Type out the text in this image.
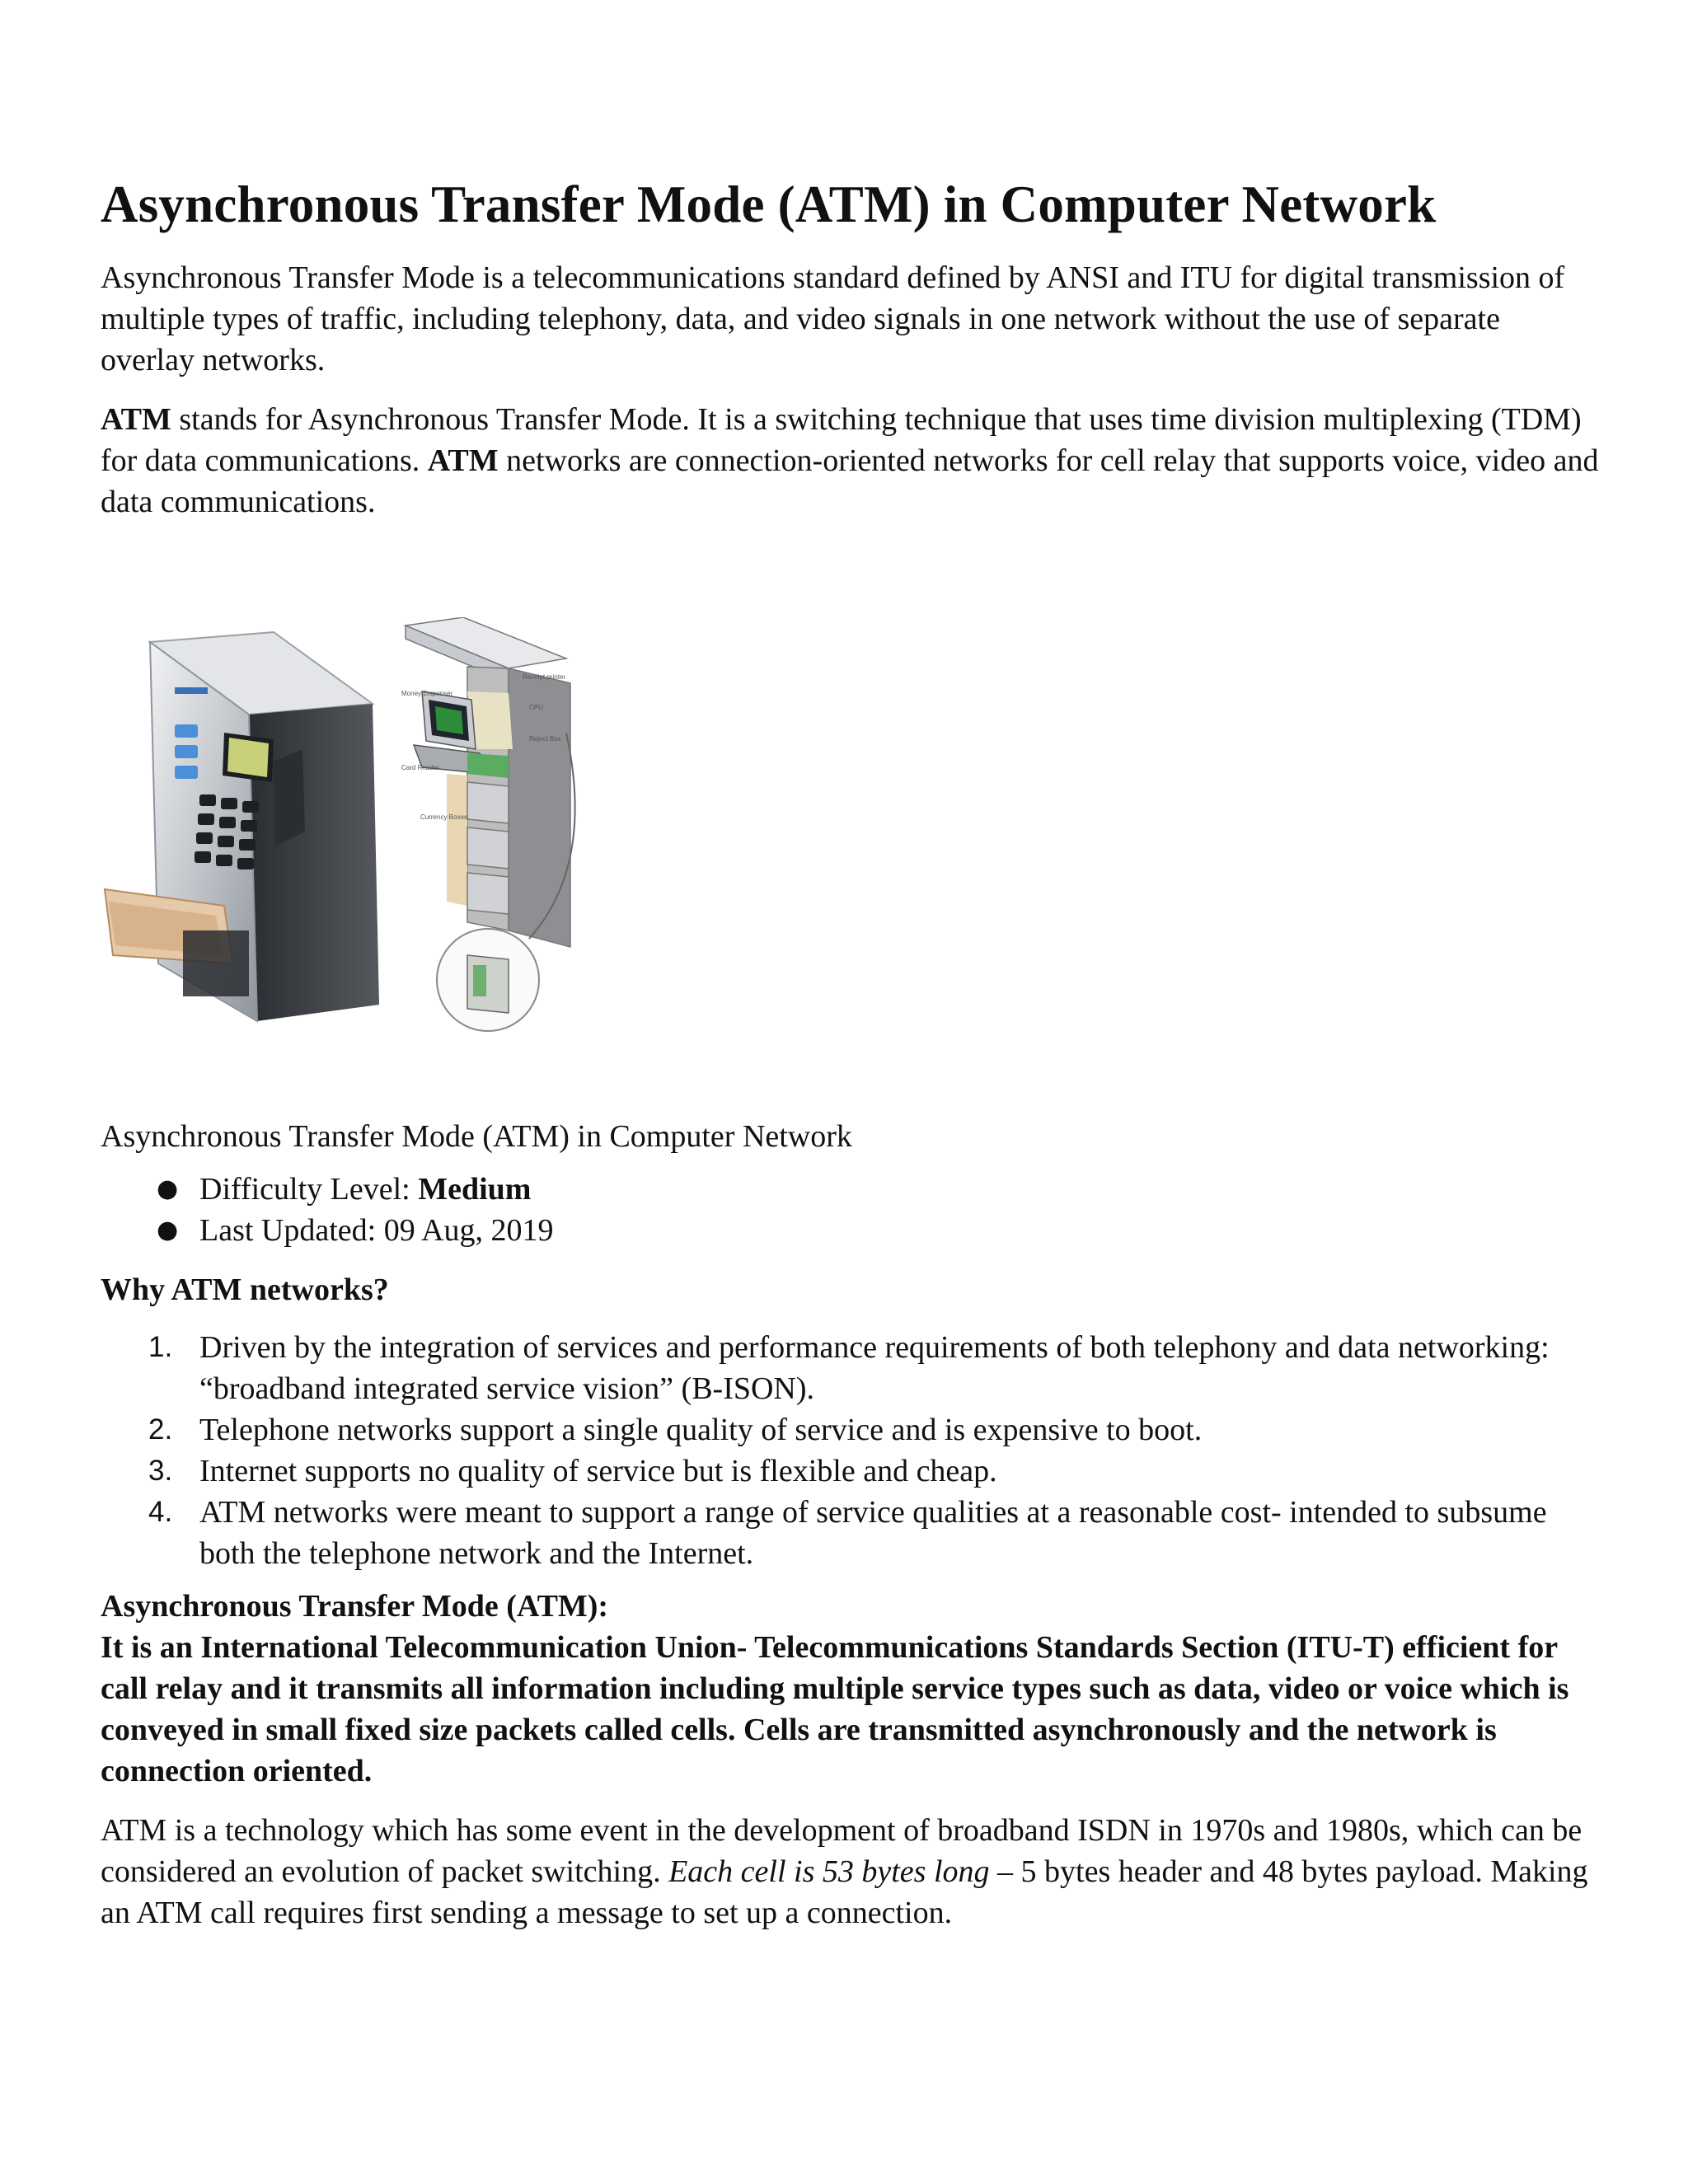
Asynchronous Transfer Mode (ATM) in Computer Network

Asynchronous Transfer Mode is a telecommunications standard defined by ANSI and ITU for digital transmission of multiple types of traffic, including telephony, data, and video signals in one network without the use of separate overlay networks.

ATM stands for Asynchronous Transfer Mode. It is a switching technique that uses time division multiplexing (TDM) for data communications. ATM networks are connection-oriented networks for cell relay that supports voice, video and data communications.

Money Dispenser
Card Reader
Currency Boxes
Receipt printer
CPU
Reject Box

Asynchronous Transfer Mode (ATM) in Computer Network

● Difficulty Level: Medium
● Last Updated: 09 Aug, 2019
Why ATM networks?
1. Driven by the integration of services and performance requirements of both telephony and data networking: “broadband integrated service vision” (B-ISON).
2. Telephone networks support a single quality of service and is expensive to boot.
3. Internet supports no quality of service but is flexible and cheap.
4. ATM networks were meant to support a range of service qualities at a reasonable cost- intended to subsume both the telephone network and the Internet.

Asynchronous Transfer Mode (ATM):

It is an International Telecommunication Union- Telecommunications Standards Section (ITU-T) efficient for call relay and it transmits all information including multiple service types such as data, video or voice which is conveyed in small fixed size packets called cells. Cells are transmitted asynchronously and the network is connection oriented.

ATM is a technology which has some event in the development of broadband ISDN in 1970s and 1980s, which can be considered an evolution of packet switching. Each cell is 53 bytes long – 5 bytes header and 48 bytes payload. Making an ATM call requires first sending a message to set up a connection.
